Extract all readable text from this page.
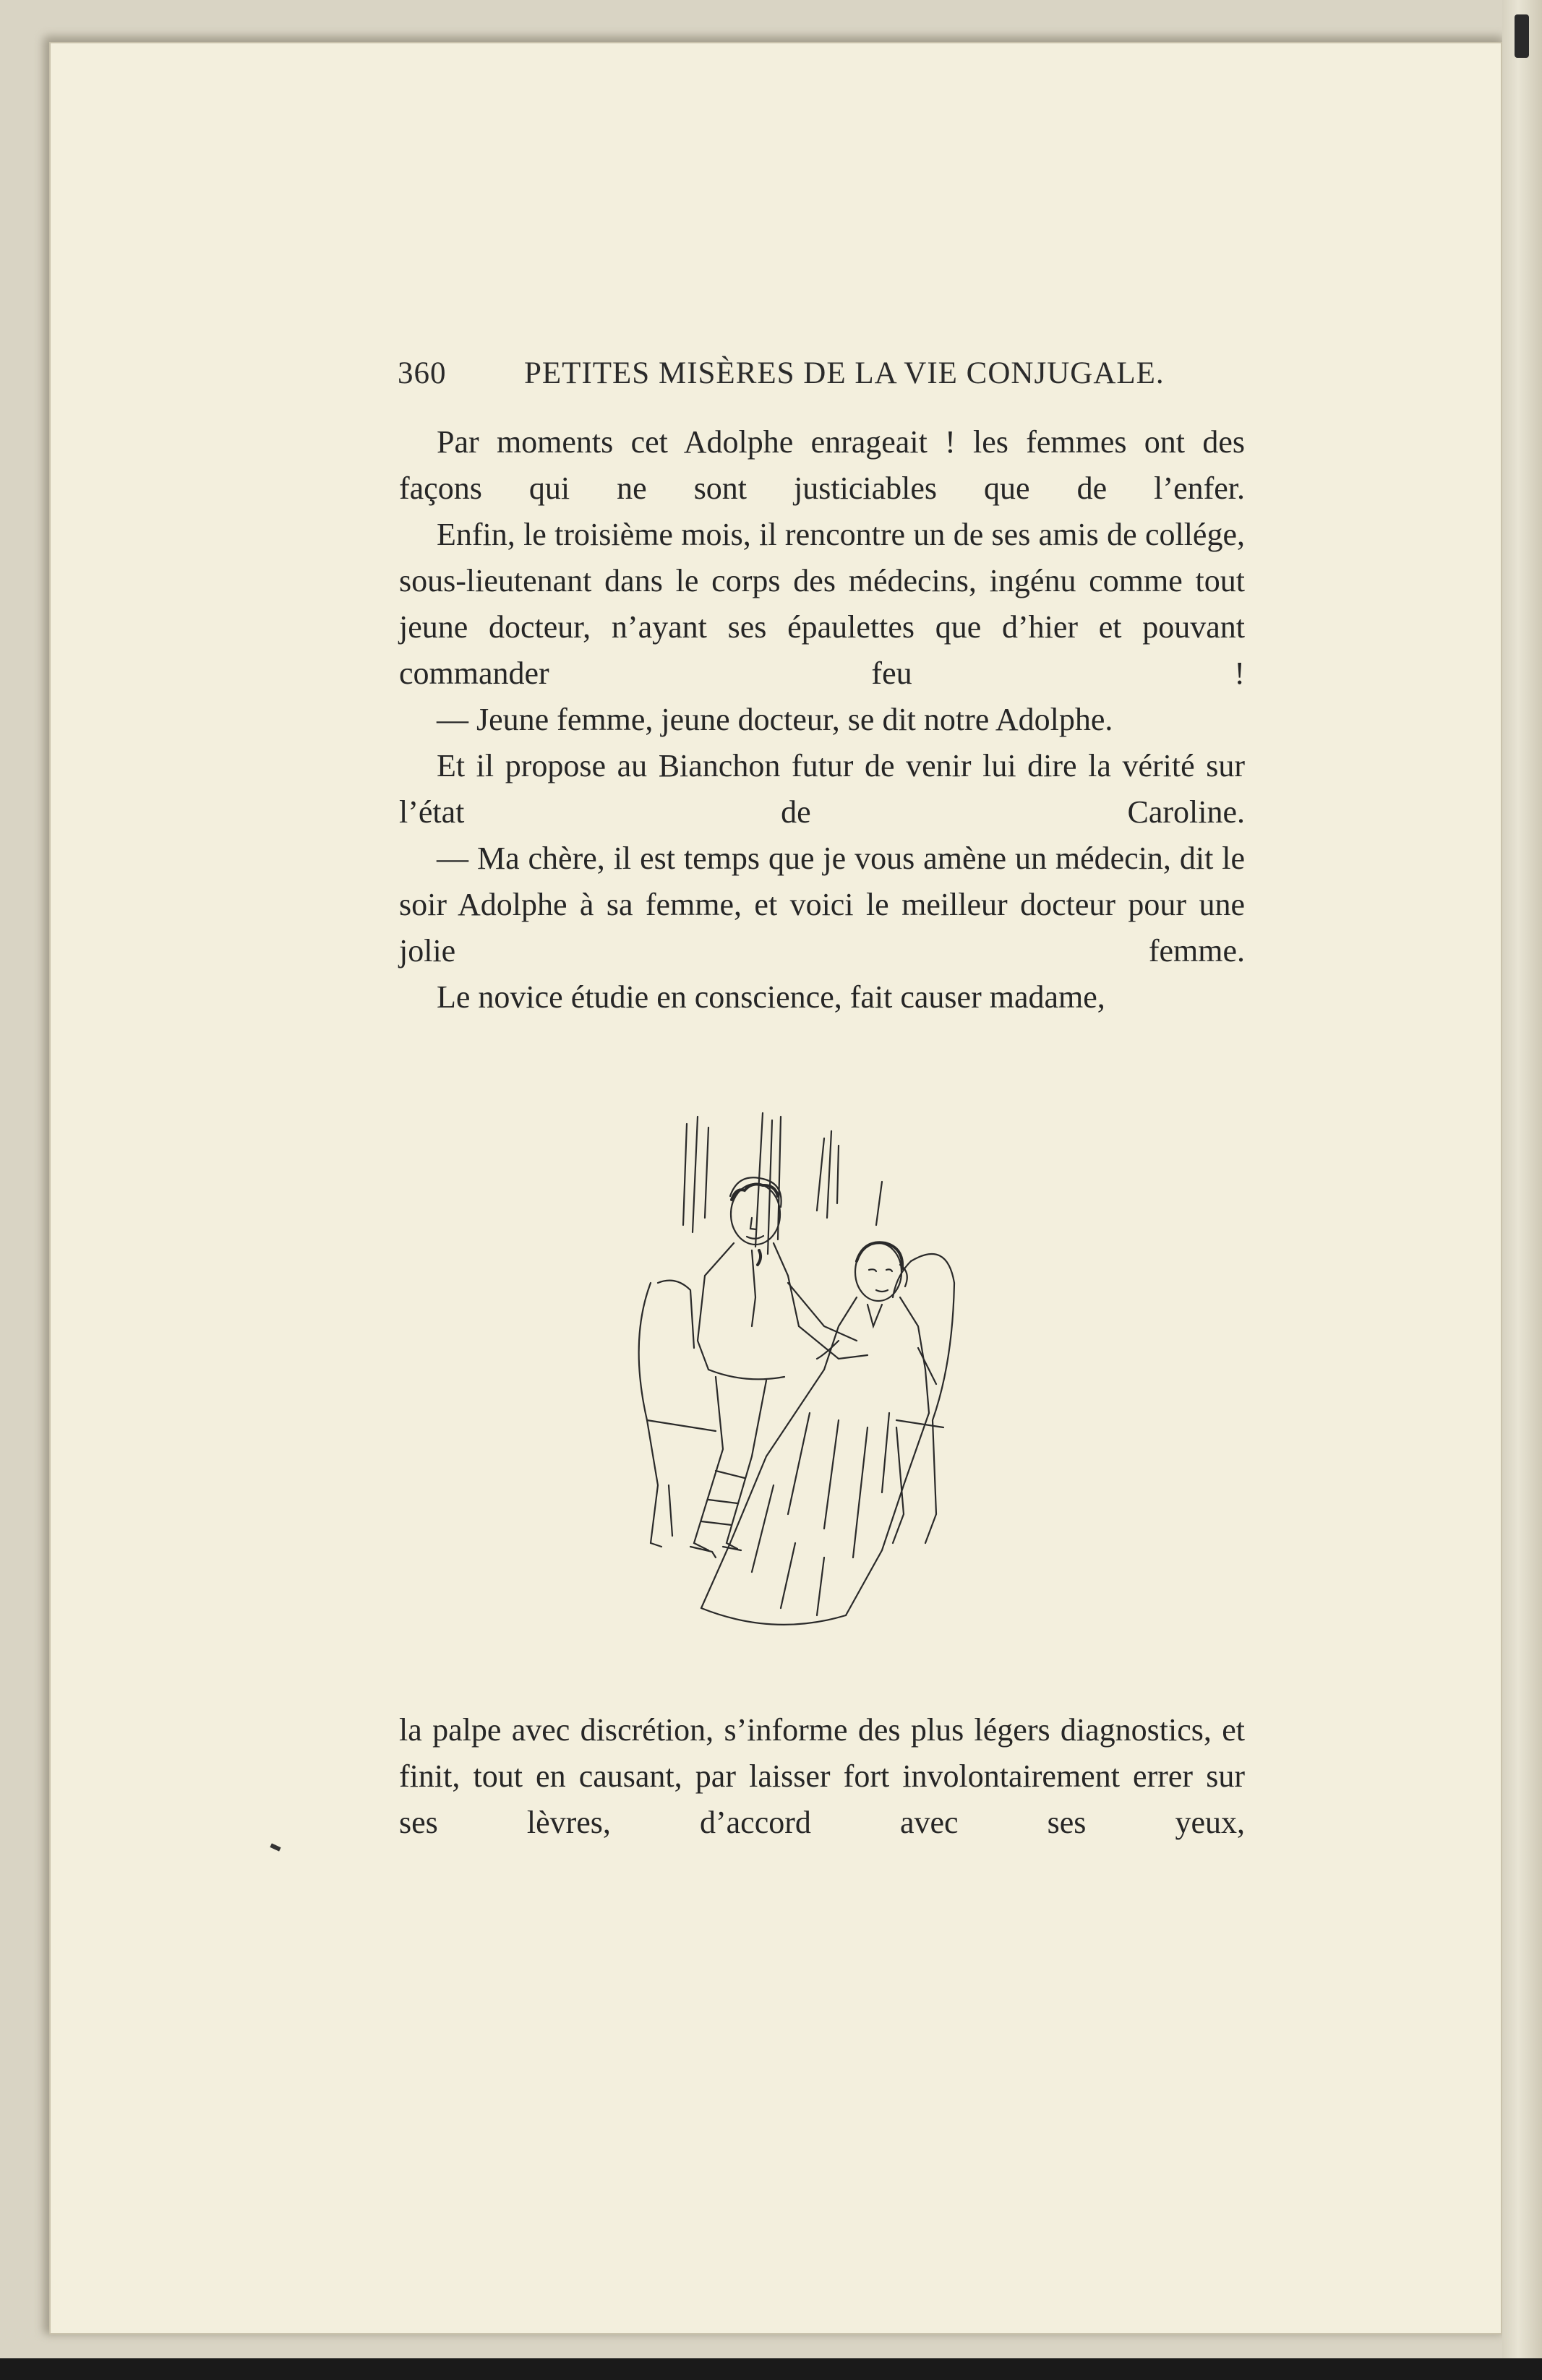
360	PETITES MISÈRES DE LA VIE CONJUGALE.

Par moments cet Adolphe enrageait ! les femmes ont des façons qui ne sont justiciables que de l’enfer.

Enfin, le troisième mois, il rencontre un de ses amis de collége, sous-lieutenant dans le corps des médecins, ingénu comme tout jeune docteur, n’ayant ses épaulettes que d’hier et pouvant commander feu !

— Jeune femme, jeune docteur, se dit notre Adolphe.

Et il propose au Bianchon futur de venir lui dire la vérité sur l’état de Caroline.

— Ma chère, il est temps que je vous amène un médecin, dit le soir Adolphe à sa femme, et voici le meilleur docteur pour une jolie femme.

Le novice étudie en conscience, fait causer madame,

la palpe avec discrétion, s’informe des plus légers diagnostics, et finit, tout en causant, par laisser fort involontairement errer sur ses lèvres, d’accord avec ses yeux,
